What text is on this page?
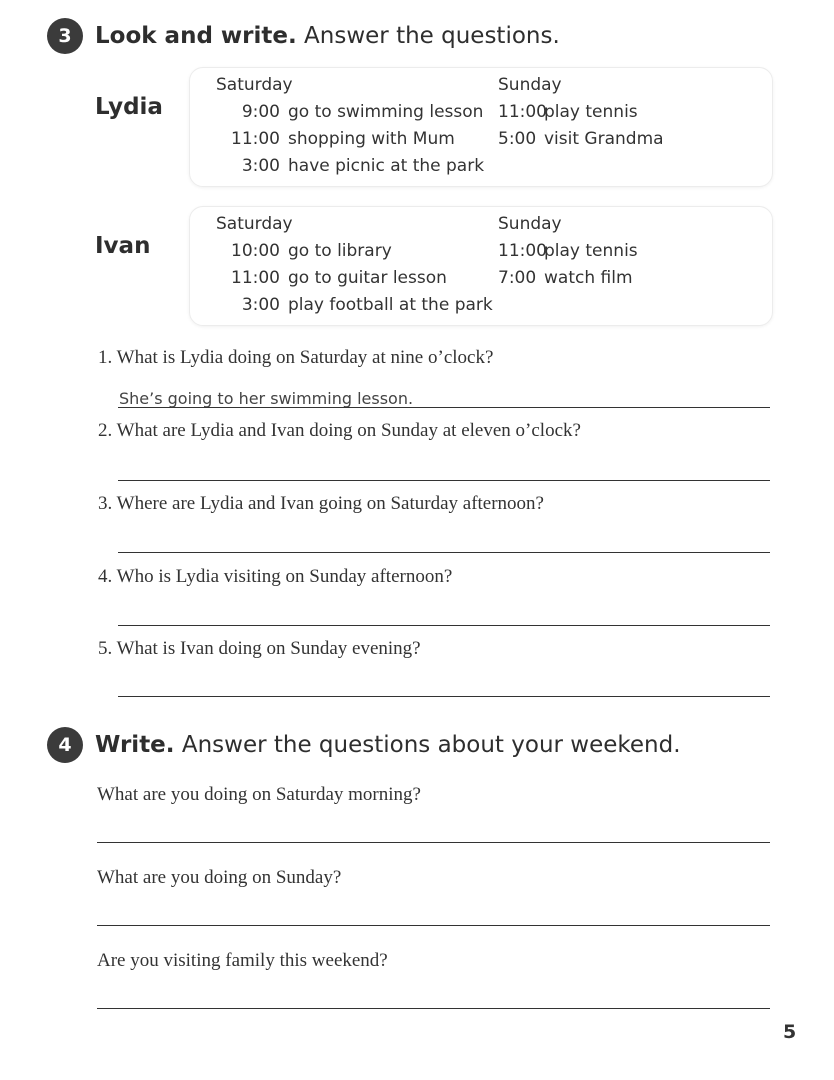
3	Look and write. Answer the questions.
Lydia
Saturday
9:00 go to swimming lesson
11:00 shopping with Mum
3:00 have picnic at the park
Sunday
11:00
play tennis
5:00 visit Grandma
Ivan
Saturday
10:00 go to library
11:00 go to guitar lesson
3:00 play football at the park
Sunday
11:00
play tennis
7:00 watch film
1. What is Lydia doing on Saturday at nine o’clock?
She’s going to her swimming lesson.
2. What are Lydia and Ivan doing on Sunday at eleven o’clock?
3. Where are Lydia and Ivan going on Saturday afternoon?
4. Who is Lydia visiting on Sunday afternoon?
5. What is Ivan doing on Sunday evening?
4	Write. Answer the questions about your weekend.
What are you doing on Saturday morning?
What are you doing on Sunday?
Are you visiting family this weekend?
5
